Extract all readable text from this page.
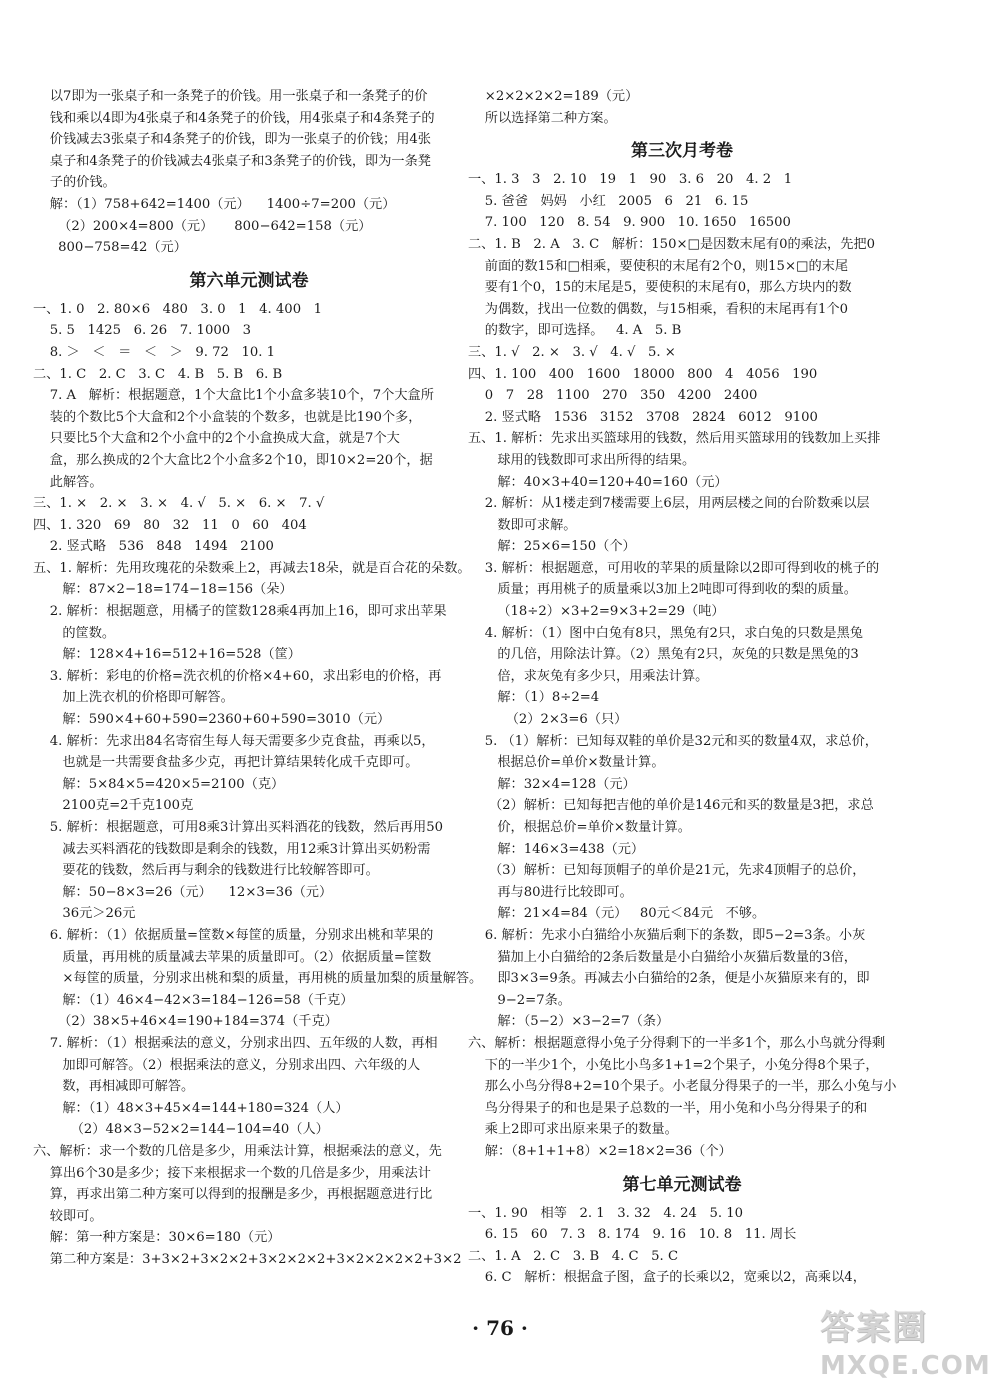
以7即为一张桌子和一条凳子的价钱。用一张桌子和一条凳子的价
钱和乘以4即为4张桌子和4条凳子的价钱，用4张桌子和4条凳子的
价钱减去3张桌子和4条凳子的价钱，即为一张桌子的价钱；用4张
桌子和4条凳子的价钱减去4张桌子和3条凳子的价钱，即为一条凳
子的价钱。
解：（1）758+642=1400（元）    1400÷7=200（元）
（2）200×4=800（元）     800−642=158（元）
800−758=42（元）
第六单元测试卷
一、1. 0   2. 80×6   480   3. 0   1   4. 400   1
5. 5   1425   6. 26   7. 1000   3
8. ＞   ＜   ＝   ＜   ＞   9. 72   10. 1
二、1. C   2. C   3. C   4. B   5. B   6. B
7. A   解析：根据题意，1个大盒比1个小盒多装10个，7个大盒所
装的个数比5个大盒和2个小盒装的个数多，也就是比190个多，
只要比5个大盒和2个小盒中的2个小盒换成大盒，就是7个大
盒，那么换成的2个大盒比2个小盒多2个10，即10×2=20个，据
此解答。
三、1. ×   2. ×   3. ×   4. √   5. ×   6. ×   7. √
四、1. 320   69   80   32   11   0   60   404
2. 竖式略   536   848   1494   2100
五、1. 解析：先用玫瑰花的朵数乘上2，再减去18朵，就是百合花的朵数。
解：87×2−18=174−18=156（朵）
2. 解析：根据题意，用橘子的筐数128乘4再加上16，即可求出苹果
的筐数。
解：128×4+16=512+16=528（筐）
3. 解析：彩电的价格=洗衣机的价格×4+60，求出彩电的价格，再
加上洗衣机的价格即可解答。
解：590×4+60+590=2360+60+590=3010（元）
4. 解析：先求出84名寄宿生每人每天需要多少克食盐，再乘以5，
也就是一共需要食盐多少克，再把计算结果转化成千克即可。
解：5×84×5=420×5=2100（克）
2100克=2千克100克
5. 解析：根据题意，可用8乘3计算出买料酒花的钱数，然后再用50
减去买料酒花的钱数即是剩余的钱数，用12乘3计算出买奶粉需
要花的钱数，然后再与剩余的钱数进行比较解答即可。
解：50−8×3=26（元）    12×3=36（元）
36元＞26元
6. 解析：（1）依据质量=筐数×每筐的质量，分别求出桃和苹果的
质量，再用桃的质量减去苹果的质量即可。（2）依据质量=筐数
×每筐的质量，分别求出桃和梨的质量，再用桃的质量加梨的质量解答。
解：（1）46×4−42×3=184−126=58（千克）
（2）38×5+46×4=190+184=374（千克）
7. 解析：（1）根据乘法的意义，分别求出四、五年级的人数，再相
加即可解答。（2）根据乘法的意义，分别求出四、六年级的人
数，再相减即可解答。
解：（1）48×3+45×4=144+180=324（人）
（2）48×3−52×2=144−104=40（人）
六、解析：求一个数的几倍是多少，用乘法计算，根据乘法的意义，先
算出6个30是多少；接下来根据求一个数的几倍是多少，用乘法计
算，再求出第二种方案可以得到的报酬是多少，再根据题意进行比
较即可。
解：第一种方案是：30×6=180（元）
第二种方案是：3+3×2+3×2×2+3×2×2×2+3×2×2×2×2+3×2
×2×2×2×2=189（元）
所以选择第二种方案。
第三次月考卷
一、1. 3   3   2. 10   19   1   90   3. 6   20   4. 2   1
5. 爸爸   妈妈   小红   2005   6   21   6. 15
7. 100   120   8. 54   9. 900   10. 1650   16500
二、1. B   2. A   3. C   解析：150×□是因数末尾有0的乘法，先把0
前面的数15和□相乘，要使积的末尾有2个0，则15×□的末尾
要有1个0，15的末尾是5，要使积的末尾有0，那么方块内的数
为偶数，找出一位数的偶数，与15相乘，看积的末尾再有1个0
的数字，即可选择。   4. A   5. B
三、1. √   2. ×   3. √   4. √   5. ×
四、1. 100   400   1600   18000   800   4   4056   190
0   7   28   1100   270   350   4200   2400
2. 竖式略   1536   3152   3708   2824   6012   9100
五、1. 解析：先求出买篮球用的钱数，然后用买篮球用的钱数加上买排
球用的钱数即可求出所得的结果。
解：40×3+40=120+40=160（元）
2. 解析：从1楼走到7楼需要上6层，用两层楼之间的台阶数乘以层
数即可求解。
解：25×6=150（个）
3. 解析：根据题意，可用收的苹果的质量除以2即可得到收的桃子的
质量；再用桃子的质量乘以3加上2吨即可得到收的梨的质量。
（18÷2）×3+2=9×3+2=29（吨）
4. 解析：（1）图中白兔有8只，黑兔有2只，求白兔的只数是黑兔
的几倍，用除法计算。（2）黑兔有2只，灰兔的只数是黑兔的3
倍，求灰兔有多少只，用乘法计算。
解：（1）8÷2=4
（2）2×3=6（只）
5. （1）解析：已知每双鞋的单价是32元和买的数量4双，求总价，
根据总价=单价×数量计算。
解：32×4=128（元）
（2）解析：已知每把吉他的单价是146元和买的数量是3把，求总
价，根据总价=单价×数量计算。
解：146×3=438（元）
（3）解析：已知每顶帽子的单价是21元，先求4顶帽子的总价，
再与80进行比较即可。
解：21×4=84（元）   80元＜84元   不够。
6. 解析：先求小白猫给小灰猫后剩下的条数，即5−2=3条。小灰
猫加上小白猫给的2条后数量是小白猫给小灰猫后数量的3倍，
即3×3=9条。再减去小白猫给的2条，便是小灰猫原来有的，即
9−2=7条。
解：（5−2）×3−2=7（条）
六、解析：根据题意得小兔子分得剩下的一半多1个，那么小鸟就分得剩
下的一半少1个，小兔比小鸟多1+1=2个果子，小兔分得8个果子，
那么小鸟分得8+2=10个果子。小老鼠分得果子的一半，那么小兔与小
鸟分得果子的和也是果子总数的一半，用小兔和小鸟分得果子的和
乘上2即可求出原来果子的数量。
解：（8+1+1+8）×2=18×2=36（个）
第七单元测试卷
一、1. 90   相等   2. 1   3. 32   4. 24   5. 10
6. 15   60   7. 3   8. 174   9. 16   10. 8   11. 周长
二、1. A   2. C   3. B   4. C   5. C
6. C   解析：根据盒子图，盒子的长乘以2，宽乘以2，高乘以4，
· 76 ·	答案圈
MXQE.COM
